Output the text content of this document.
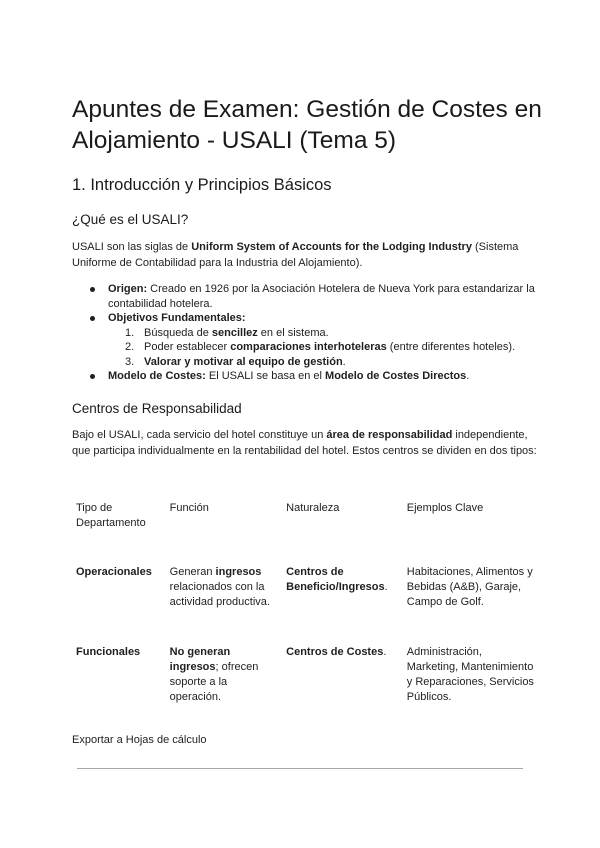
Apuntes de Examen: Gestión de Costes en Alojamiento - USALI (Tema 5)
1. Introducción y Principios Básicos
¿Qué es el USALI?

USALI son las siglas de Uniform System of Accounts for the Lodging Industry (Sistema Uniforme de Contabilidad para la Industria del Alojamiento).

Origen: Creado en 1926 por la Asociación Hotelera de Nueva York para estandarizar la contabilidad hotelera.
Objetivos Fundamentales:
1. Búsqueda de sencillez en el sistema.
2. Poder establecer comparaciones interhoteleras (entre diferentes hoteles).
3. Valorar y motivar al equipo de gestión.
Modelo de Costes: El USALI se basa en el Modelo de Costes Directos.
Centros de Responsabilidad

Bajo el USALI, cada servicio del hotel constituye un área de responsabilidad independiente, que participa individualmente en la rentabilidad del hotel. Estos centros se dividen en dos tipos:

Tipo de Departamento	Función	Naturaleza	Ejemplos Clave
Operacionales	Generan ingresos relacionados con la actividad productiva.	Centros de Beneficio/Ingresos.	Habitaciones, Alimentos y Bebidas (A&B), Garaje, Campo de Golf.
Funcionales	No generan ingresos; ofrecen soporte a la operación.	Centros de Costes.	Administración, Marketing, Mantenimiento y Reparaciones, Servicios Públicos.
Exportar a Hojas de cálculo
